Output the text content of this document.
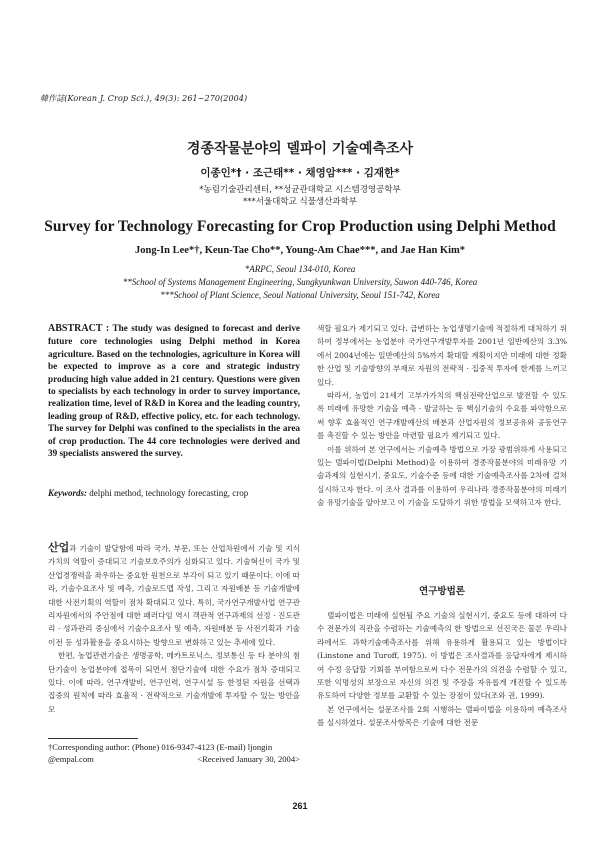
韓作誌(Korean J. Crop Sci.), 49(3): 261~270(2004)
경종작물분야의 델파이 기술예측조사
이종인*† · 조근태** · 채영암*** · 김재한*
*농림기술관리센터, **성균관대학교 시스템경영공학부
***서울대학교 식물생산과학부
Survey for Technology Forecasting for Crop Production using Delphi Method
Jong-In Lee*†, Keun-Tae Cho**, Young-Am Chae***, and Jae Han Kim*
*ARPC, Seoul 134-010, Korea
**School of Systems Management Engineering, Sungkyunkwan University, Suwon 440-746, Korea
***School of Plant Science, Seoul National University, Seoul 151-742, Korea
ABSTRACT : The study was designed to forecast and derive future core technologies using Delphi method in Korea agriculture. Based on the technologies, agriculture in Korea will be expected to improve as a core and strategic industry producing high value added in 21 century. Questions were given to specialists by each technology in order to survey importance, realization time, level of R&D in Korea and the leading country, leading group of R&D, effective policy, etc. for each technology. The survey for Delphi was confined to the specialists in the area of crop production. The 44 core technologies were derived and 39 specialists answered the survey.
Keywords: delphi method, technology forecasting, crop

산업과 기술이 발달함에 따라 국가, 부문, 또는 산업차원에서 기술 및 지식가치의 역할이 증대되고 기술보호주의가 심화되고 있다. 기술혁신이 국가 및 산업경쟁력을 좌우하는 중요한 원천으로 부각이 되고 있기 때문이다. 이에 따라, 기술수요조사 및 예측, 기술로드맵 작성, 그리고 자원배분 등 기술개발에 대한 사전기획의 역할이 점차 확대되고 있다. 특히, 국가연구개발사업 연구관리자원에서의 주안점에 대한 패러다임 역시 객관적 연구과제의 선정 · 진도관리 · 성과관리 중심에서 기술수요조사 및 예측, 자원배분 등 사전기획과 기술이전 등 성과활용을 중요시하는 방향으로 변화하고 있는 추세에 있다.

한편, 농업관련기술은 생명공학, 메카트로닉스, 정보통신 등 타 분야의 첨단기술이 농업분야에 접목이 되면서 첨단기술에 대한 수요가 점차 증대되고 있다. 이에 따라, 연구개발비, 연구인력, 연구시설 등 한정된 자원을 선택과 집중의 원칙에 따라 효율적 · 전략적으로 기술개발에 투자할 수 있는 방안을 모

색할 필요가 제기되고 있다. 급변하는 농업생명기술에 적절하게 대처하기 위하여 정부에서는 농업분야 국가연구개발투자를 2001년 일반예산의 3.3%에서 2004년에는 일반예산의 5%까지 확대할 계획이지만 미래에 대한 정확한 산업 및 기술방향의 부재로 자원의 전략적 · 집중적 투자에 한계를 느끼고 있다.

따라서, 농업이 21세기 고부가가치의 핵심전략산업으로 발전할 수 있도록 미래에 유망한 기술을 예측 · 발굴하는 등 핵심기술의 수요를 파악함으로써 향후 효율적인 연구개발예산의 배분과 산업자원의 정보공유와 공동연구를 촉진할 수 있는 방안을 마련할 필요가 제기되고 있다.

이를 위하여 본 연구에서는 기술예측 방법으로 가장 광범위하게 사용되고 있는 델파이법(Delphi Method)을 이용하여 경종작물분야의 미래유망 기술과제의 실현시기, 중요도, 기술수준 등에 대한 기술예측조사를 2차에 걸쳐 실시하고자 한다. 이 조사 결과를 이용하여 우리나라 경종작물분야의 미래기술 유망기술을 알아보고 이 기술을 도달하기 위한 방법을 모색하고자 한다.

연구방법론

델파이법은 미래에 실현될 주요 기술의 실현시기, 중요도 등에 대하여 다수 전문가의 직관을 수렴하는 기술예측의 한 방법으로 선진국은 물론 우리나라에서도 과학기술예측조사를 위해 유용하게 활용되고 있는 방법이다(Linstone and Turoff, 1975). 이 방법은 조사결과를 응답자에게 제시하여 수정 응답할 기회를 부여함으로써 다수 전문가의 의견을 수렴할 수 있고, 또한 익명성의 보장으로 자신의 의견 및 주장을 자유롭게 개진할 수 있도록 유도하여 다양한 정보를 교환할 수 있는 장점이 있다(조와 권, 1999).

본 연구에서는 설문조사를 2회 시행하는 델파이법을 이용하여 예측조사를 실시하였다. 설문조사항목은 기술에 대한 전문

†Corresponding author: (Phone) 016-9347-4123 (E-mail) ljongin
@empal.com	<Received January 30, 2004>
261
